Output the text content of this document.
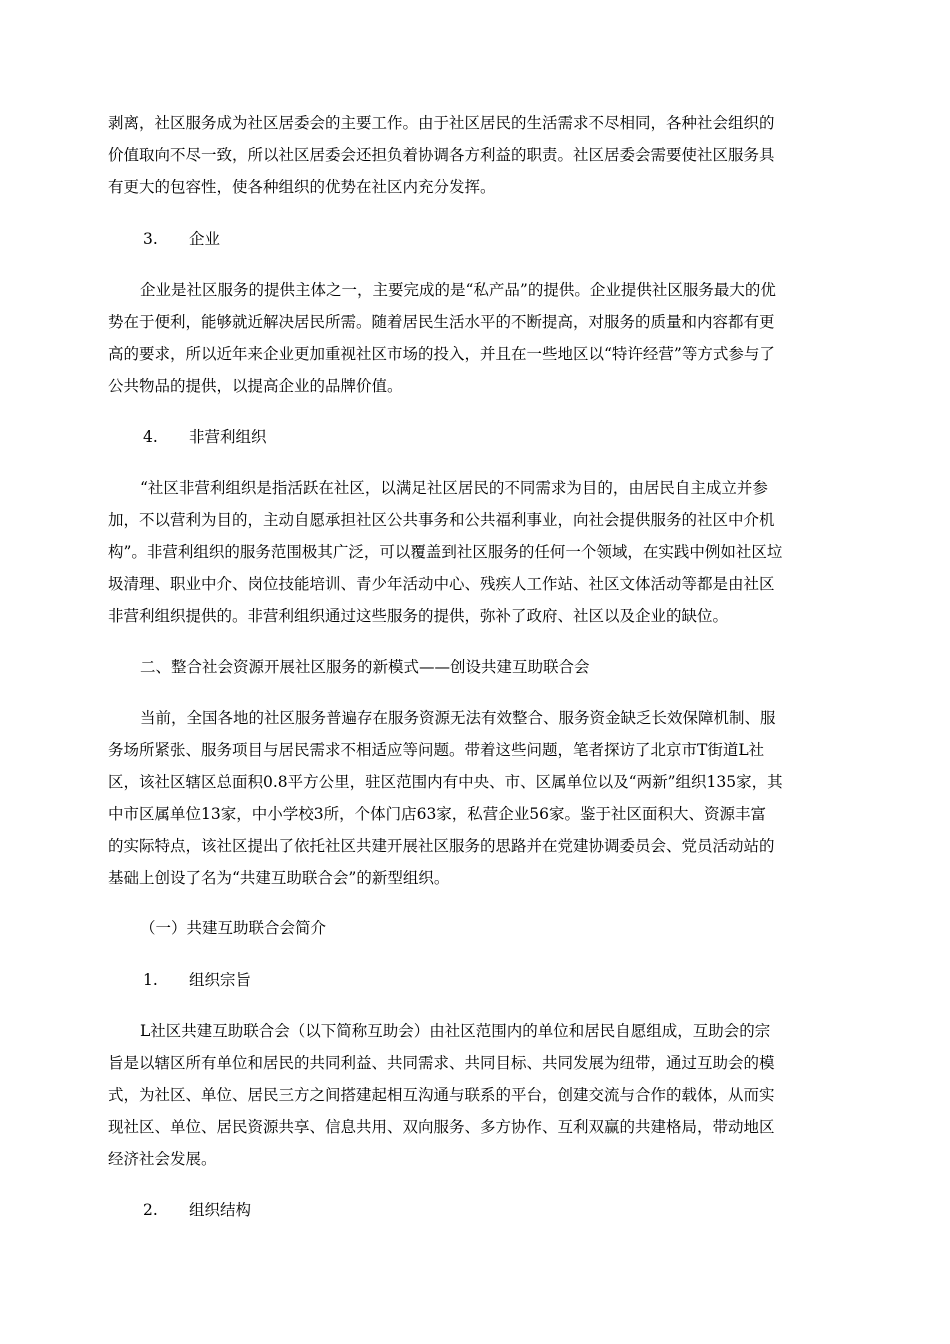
剥离，社区服务成为社区居委会的主要工作。由于社区居民的生活需求不尽相同，各种社会组织的
价值取向不尽一致，所以社区居委会还担负着协调各方利益的职责。社区居委会需要使社区服务具
有更大的包容性，使各种组织的优势在社区内充分发挥。
3. 企业
企业是社区服务的提供主体之一，主要完成的是“私产品”的提供。企业提供社区服务最大的优
势在于便利，能够就近解决居民所需。随着居民生活水平的不断提高，对服务的质量和内容都有更
高的要求，所以近年来企业更加重视社区市场的投入，并且在一些地区以“特许经营”等方式参与了
公共物品的提供，以提高企业的品牌价值。
4. 非营利组织
“社区非营利组织是指活跃在社区，以满足社区居民的不同需求为目的，由居民自主成立并参
加，不以营利为目的，主动自愿承担社区公共事务和公共福利事业，向社会提供服务的社区中介机
构”。非营利组织的服务范围极其广泛，可以覆盖到社区服务的任何一个领域，在实践中例如社区垃
圾清理、职业中介、岗位技能培训、青少年活动中心、残疾人工作站、社区文体活动等都是由社区
非营利组织提供的。非营利组织通过这些服务的提供，弥补了政府、社区以及企业的缺位。
二、整合社会资源开展社区服务的新模式——创设共建互助联合会
当前，全国各地的社区服务普遍存在服务资源无法有效整合、服务资金缺乏长效保障机制、服
务场所紧张、服务项目与居民需求不相适应等问题。带着这些问题，笔者探访了北京市T街道L社
区，该社区辖区总面积0.8平方公里，驻区范围内有中央、市、区属单位以及“两新”组织135家，其
中市区属单位13家，中小学校3所，个体门店63家，私营企业56家。鉴于社区面积大、资源丰富
的实际特点，该社区提出了依托社区共建开展社区服务的思路并在党建协调委员会、党员活动站的
基础上创设了名为“共建互助联合会”的新型组织。
（一）共建互助联合会简介
1. 组织宗旨
L社区共建互助联合会（以下简称互助会）由社区范围内的单位和居民自愿组成，互助会的宗
旨是以辖区所有单位和居民的共同利益、共同需求、共同目标、共同发展为纽带，通过互助会的模
式，为社区、单位、居民三方之间搭建起相互沟通与联系的平台，创建交流与合作的载体，从而实
现社区、单位、居民资源共享、信息共用、双向服务、多方协作、互利双赢的共建格局，带动地区
经济社会发展。
2. 组织结构
